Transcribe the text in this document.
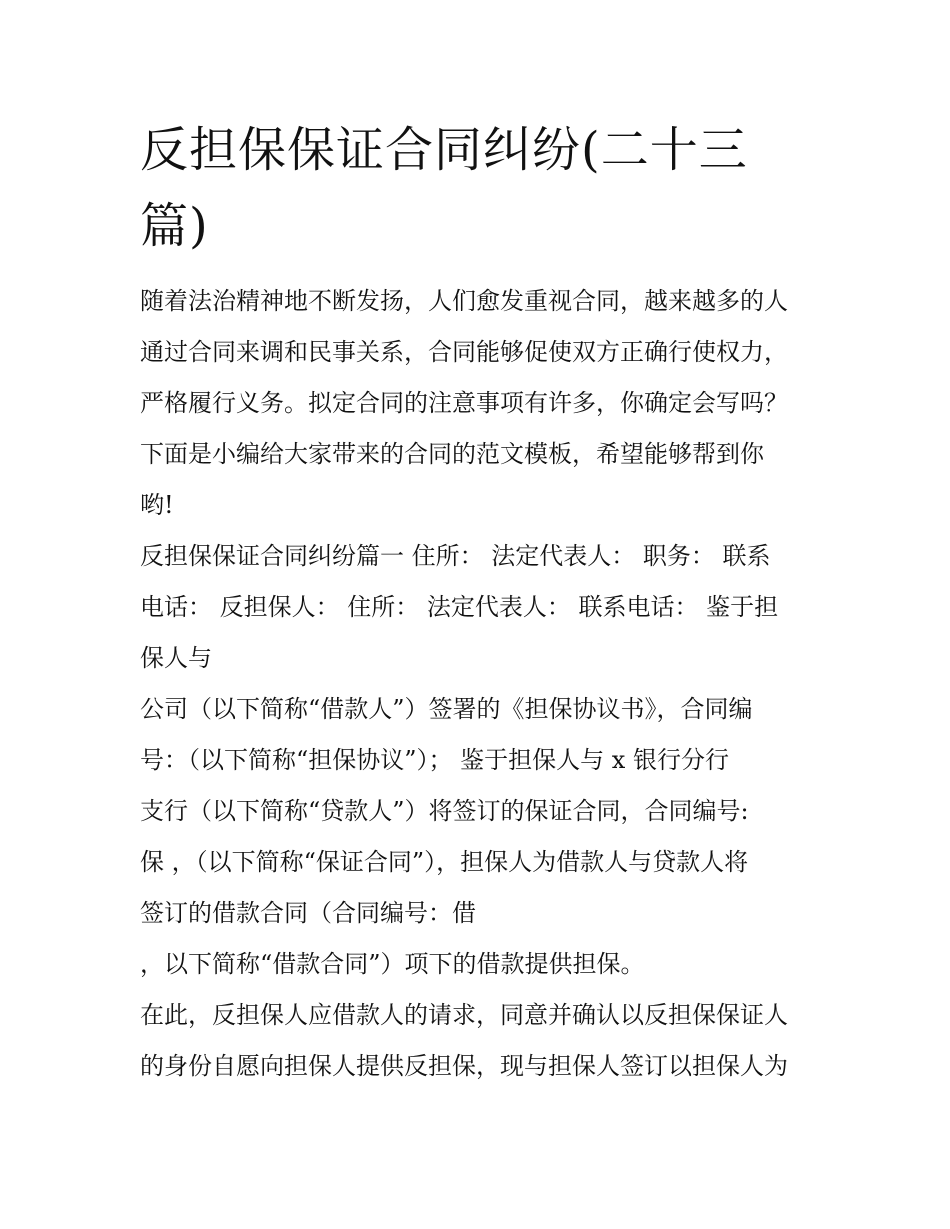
反担保保证合同纠纷(二十三
篇)
随着法治精神地不断发扬，人们愈发重视合同，越来越多的人
通过合同来调和民事关系，合同能够促使双方正确行使权力，
严格履行义务。拟定合同的注意事项有许多，你确定会写吗？
下面是小编给大家带来的合同的范文模板，希望能够帮到你
哟!
反担保保证合同纠纷篇一 住所： 法定代表人： 职务： 联系
电话： 反担保人： 住所： 法定代表人： 联系电话： 鉴于担
保人与
公司（以下简称“借款人”）签署的《担保协议书》，合同编
号：（以下简称“担保协议”）； 鉴于担保人与 x 银行分行
支行（以下简称“贷款人”）将签订的保证合同，合同编号:
保 ，（以下简称“保证合同”），担保人为借款人与贷款人将
签订的借款合同（合同编号：借
，以下简称“借款合同”）项下的借款提供担保。
在此，反担保人应借款人的请求，同意并确认以反担保保证人
的身份自愿向担保人提供反担保，现与担保人签订以担保人为
